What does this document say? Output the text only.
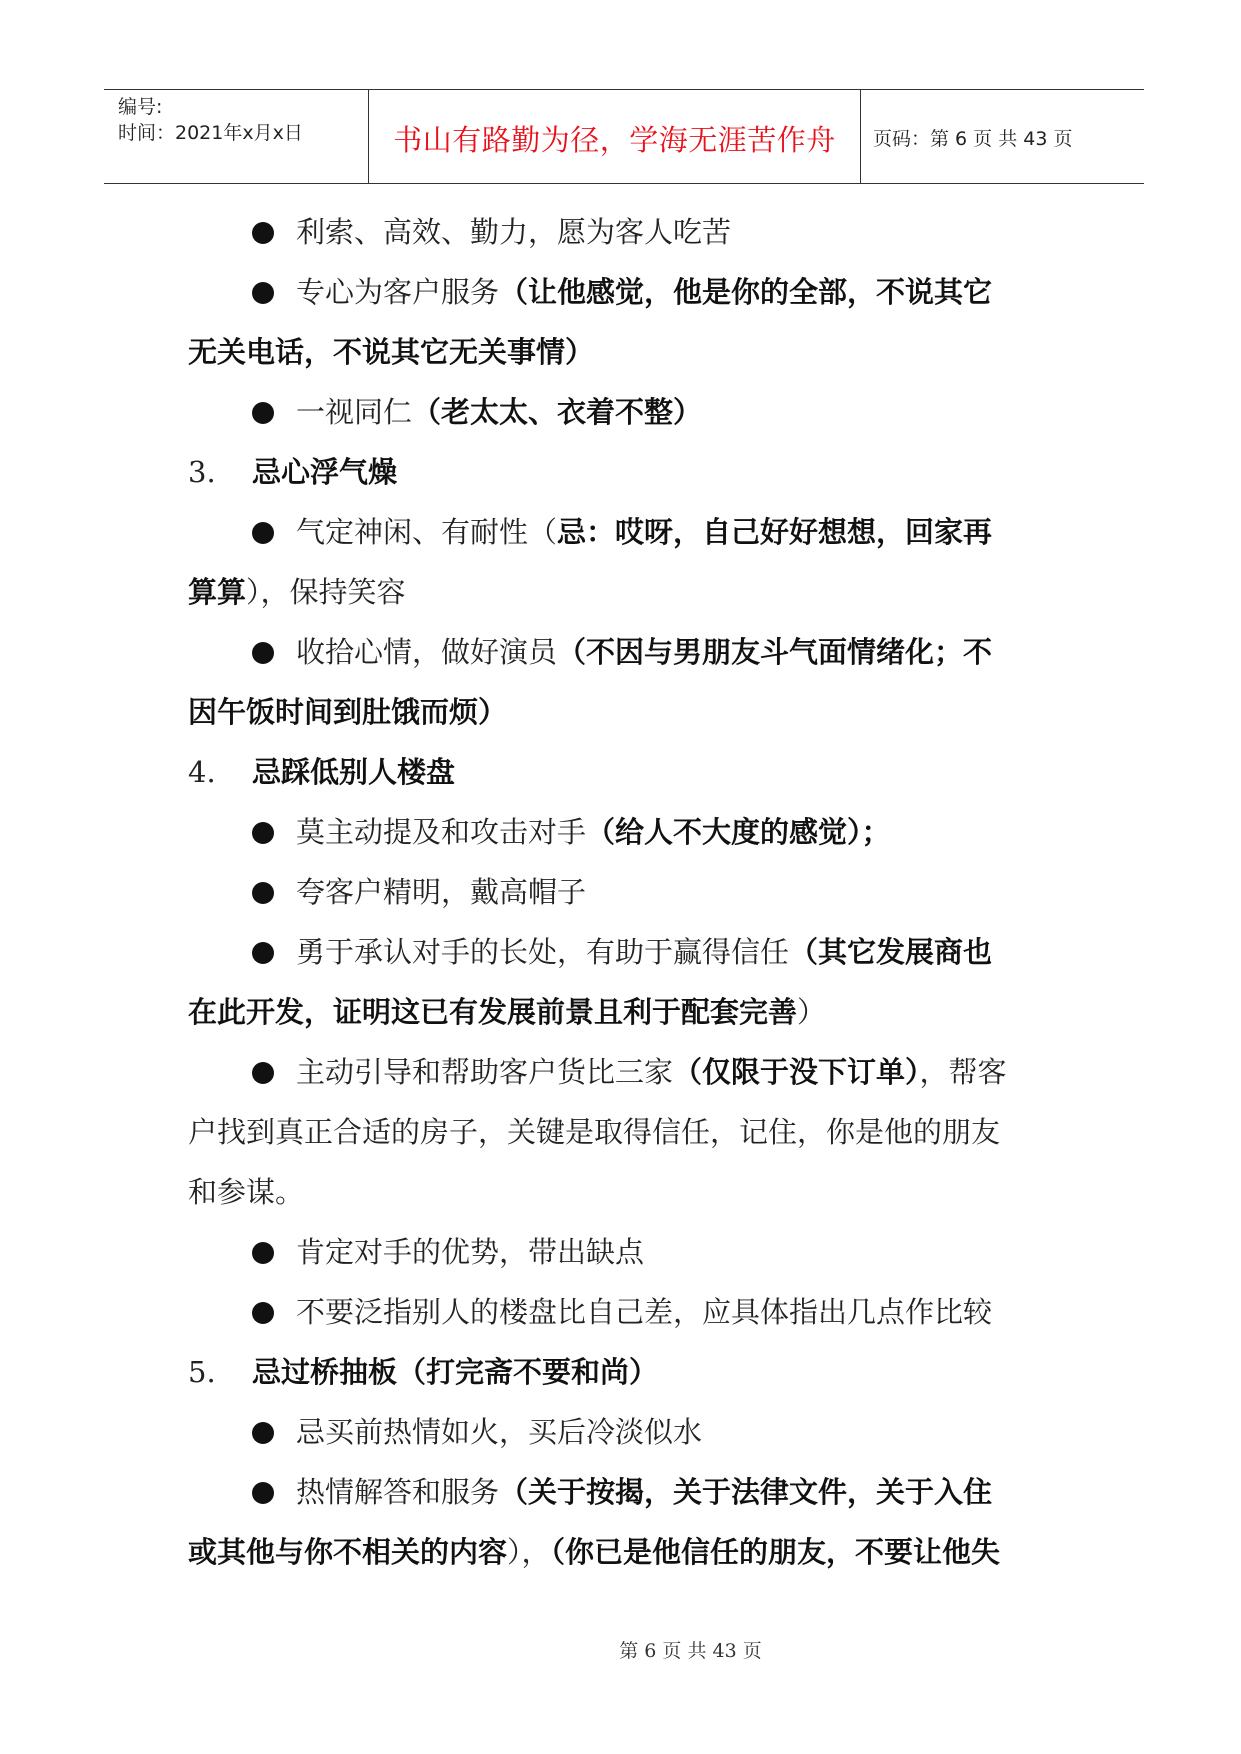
编号:
时间：2021年x月x日	书山有路勤为径，学海无涯苦作舟	页码：第 6 页 共 43 页
利索、高效、勤力，愿为客人吃苦
专心为客户服务（让他感觉，他是你的全部，不说其它
无关电话，不说其它无关事情）
一视同仁（老太太、衣着不整）
3. 忌心浮气燥
气定神闲、有耐性（忌：哎呀，自己好好想想，回家再
算算），保持笑容
收拾心情，做好演员（不因与男朋友斗气面情绪化；不
因午饭时间到肚饿而烦）
4. 忌踩低别人楼盘
莫主动提及和攻击对手（给人不大度的感觉）；
夸客户精明，戴高帽子
勇于承认对手的长处，有助于赢得信任（其它发展商也
在此开发，证明这已有发展前景且利于配套完善）
主动引导和帮助客户货比三家（仅限于没下订单），帮客
户找到真正合适的房子，关键是取得信任，记住，你是他的朋友
和参谋。
肯定对手的优势，带出缺点
不要泛指别人的楼盘比自己差，应具体指出几点作比较
5. 忌过桥抽板（打完斋不要和尚）
忌买前热情如火，买后冷淡似水
热情解答和服务（关于按揭，关于法律文件，关于入住
或其他与你不相关的内容），（你已是他信任的朋友，不要让他失
第 6 页 共 43 页
